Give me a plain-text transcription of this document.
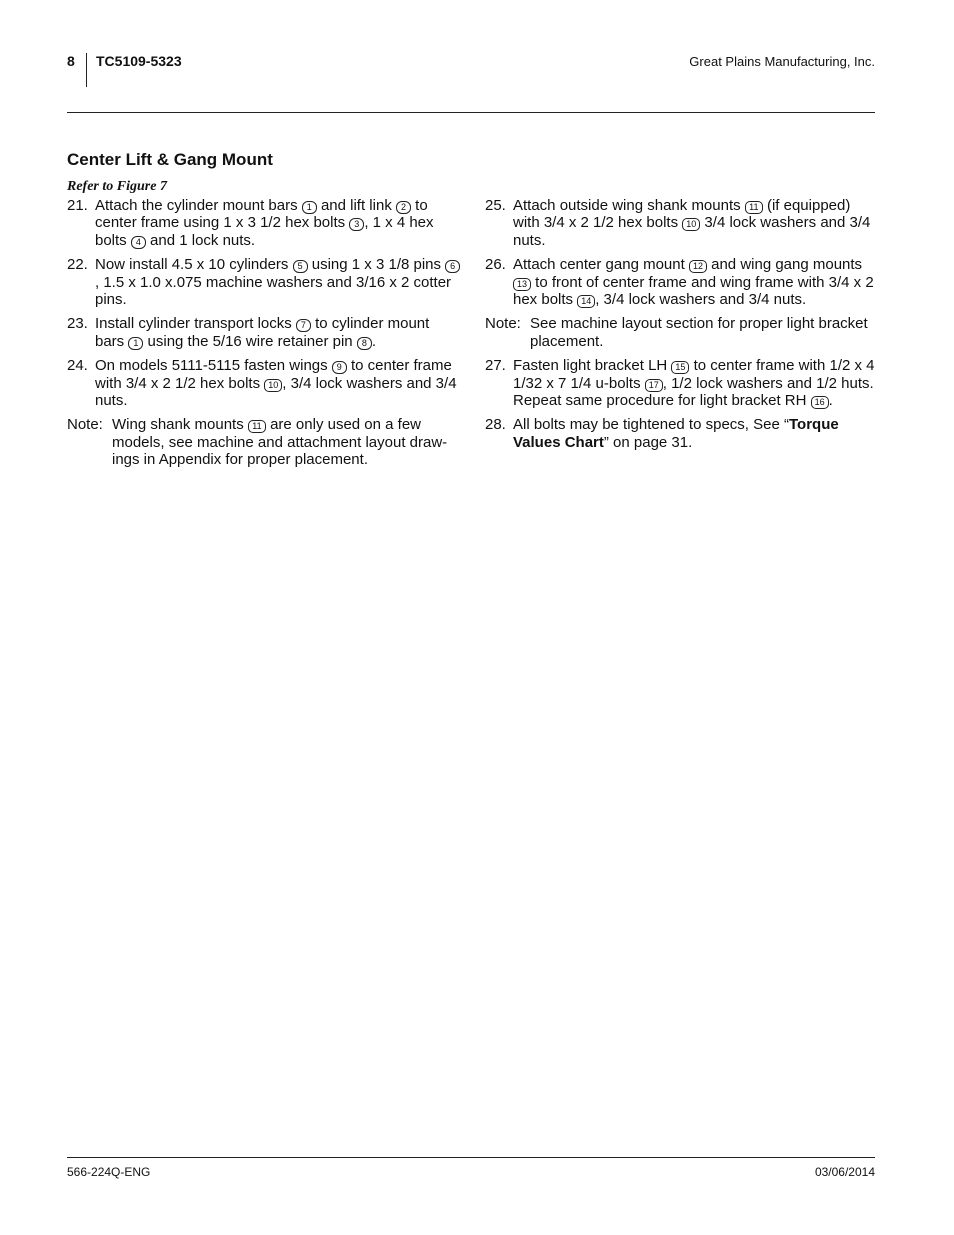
8 TC5109-5323	Great Plains Manufacturing, Inc.
Center Lift & Gang Mount
Refer to Figure 7
21. Attach the cylinder mount bars 1 and lift link 2 to center frame using 1 x 3 1/2 hex bolts 3 , 1 x 4 hex bolts 4 and 1 lock nuts.
22. Now install 4.5 x 10 cylinders 5 using 1 x 3 1/8 pins 6, 1.5 x 1.0 x.075 machine washers and 3/16 x 2 cotter pins.
23. Install cylinder transport locks 7 to cylinder mount bars 1 using the 5/16 wire retainer pin 8 .
24. On models 5111-5115 fasten wings 9 to center frame with 3/4 x 2 1/2 hex bolts 10 , 3/4 lock washers and 3/4 nuts.
Note: Wing shank mounts 11 are only used on a few models, see machine and attachment layout draw-ings in Appendix for proper placement.
25. Attach outside wing shank mounts 11 (if equipped) with 3/4 x 2 1/2 hex bolts 10 3/4 lock washers and 3/4 nuts.
26. Attach center gang mount 12 and wing gang mounts 13 to front of center frame and wing frame with 3/4 x 2 hex bolts 14 , 3/4 lock washers and 3/4 nuts.
Note: See machine layout section for proper light bracket placement.
27. Fasten light bracket LH 15 to center frame with 1/2 x 4 1/32 x 7 1/4 u-bolts 17 , 1/2 lock washers and 1/2 huts. Repeat same procedure for light bracket RH 16 .
28. All bolts may be tightened to specs, See “Torque Values Chart” on page 31.
566-224Q-ENG	03/06/2014
